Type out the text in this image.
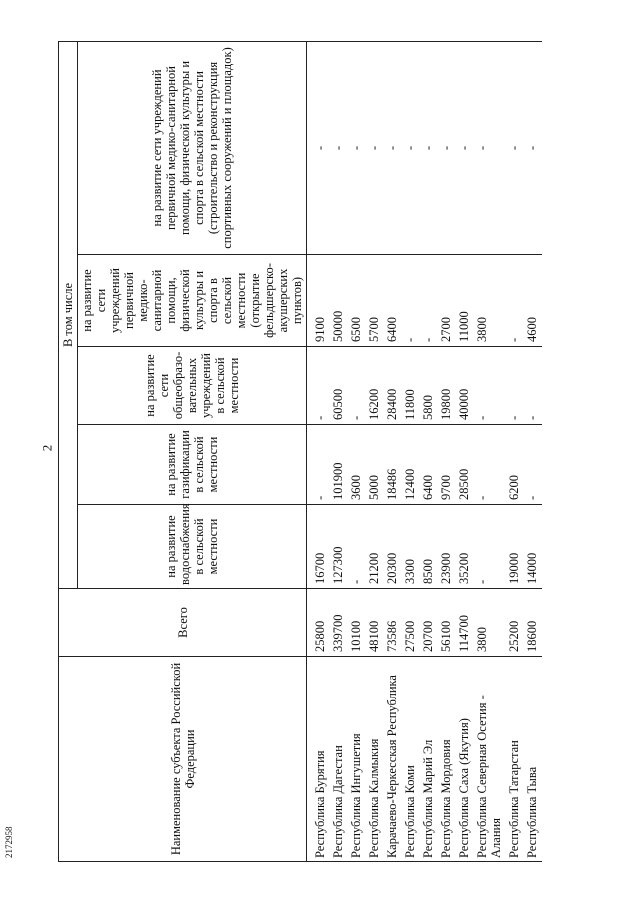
2
2172958	Наименование субъекта Российской Федерации	Всего	В том числе				
		на развитие водоснабжения в сельской местности	на развитие газификации в сельской местности	на развитие сети общеобразо-вательных учреждений в сельской местности	на развитие сети учреждений первичной медико-санитарной помощи, физической культуры и спорта в сельской местности (открытие фельдшерско-акушерских пунктов)	на развитие сети учреждений первичной медико-санитарной помощи, физической культуры и спорта в сельской местности (строительство и реконструкция спортивных сооружений и площадок)
Республика Бурятия	25800	16700	-	-	9100	-
Республика Дагестан	339700	127300	101900	60500	50000	-
Республика Ингушетия	10100	-	3600	-	6500	-
Республика Калмыкия	48100	21200	5000	16200	5700	-
Карачаево-Черкесская Республика	73586	20300	18486	28400	6400	-
Республика Коми	27500	3300	12400	11800	-	-
Республика Марий Эл	20700	8500	6400	5800	-	-
Республика Мордовия	56100	23900	9700	19800	2700	-
Республика Саха (Якутия)	114700	35200	28500	40000	11000	-
Республика Северная Осетия - Алания	3800	-	-	-	3800	-
Республика Татарстан	25200	19000	6200	-	-	-
Республика Тыва	18600	14000	-	-	4600	-
